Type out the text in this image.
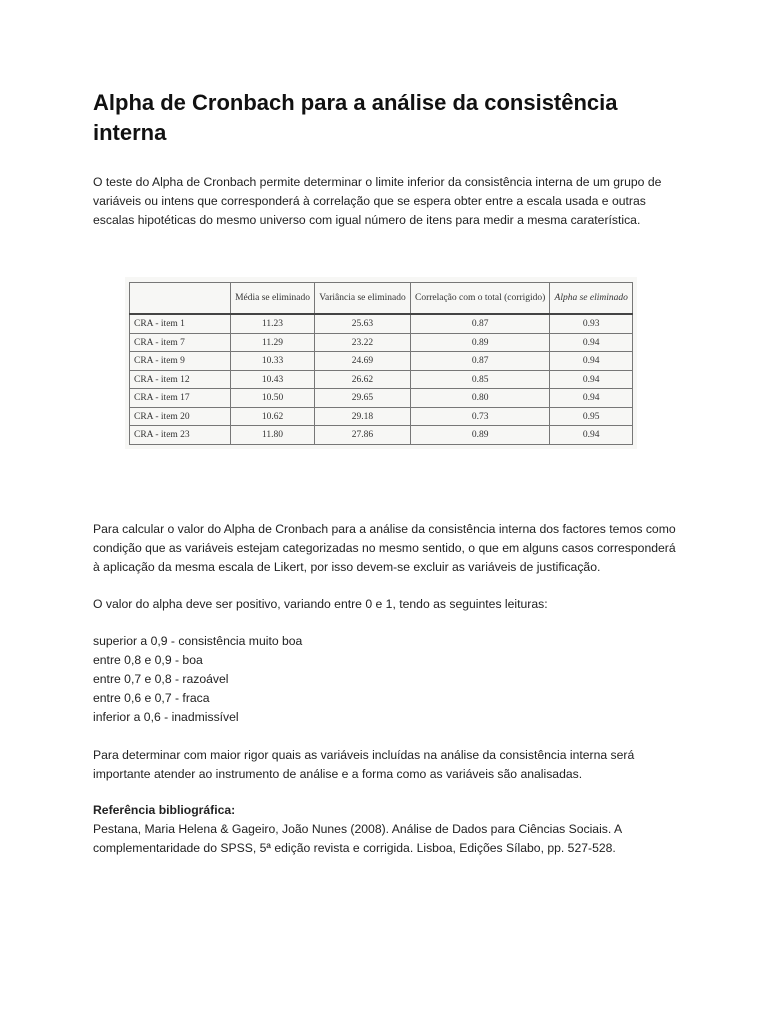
Alpha de Cronbach para a análise da consistência interna

O teste do Alpha de Cronbach permite determinar o limite inferior da consistência interna de um grupo de variáveis ou intens que corresponderá à correlação que se espera obter entre a escala usada e outras escalas hipotéticas do mesmo universo com igual número de itens para medir a mesma caraterística.

	Média se eliminado	Variância se eliminado	Correlação com o total (corrigido)	Alpha se eliminado
CRA - item 1	11.23	25.63	0.87	0.93
CRA - item 7	11.29	23.22	0.89	0.94
CRA - item 9	10.33	24.69	0.87	0.94
CRA - item 12	10.43	26.62	0.85	0.94
CRA - item 17	10.50	29.65	0.80	0.94
CRA - item 20	10.62	29.18	0.73	0.95
CRA - item 23	11.80	27.86	0.89	0.94

Para calcular o valor do Alpha de Cronbach para a análise da consistência interna dos factores temos como condição que as variáveis estejam categorizadas no mesmo sentido, o que em alguns casos corresponderá à aplicação da mesma escala de Likert, por isso devem-se excluir as variáveis de justificação.

O valor do alpha deve ser positivo, variando entre 0 e 1, tendo as seguintes leituras:

superior a 0,9 - consistência muito boa
entre 0,8 e 0,9 - boa
entre 0,7 e 0,8 - razoável
entre 0,6 e 0,7 - fraca
inferior a 0,6 - inadmissível

Para determinar com maior rigor quais as variáveis incluídas na análise da consistência interna será importante atender ao instrumento de análise e a forma como as variáveis são analisadas.

Referência bibliográfica:

Pestana, Maria Helena & Gageiro, João Nunes (2008). Análise de Dados para Ciências Sociais. A complementaridade do SPSS, 5ª edição revista e corrigida. Lisboa, Edições Sílabo, pp. 527-528.
